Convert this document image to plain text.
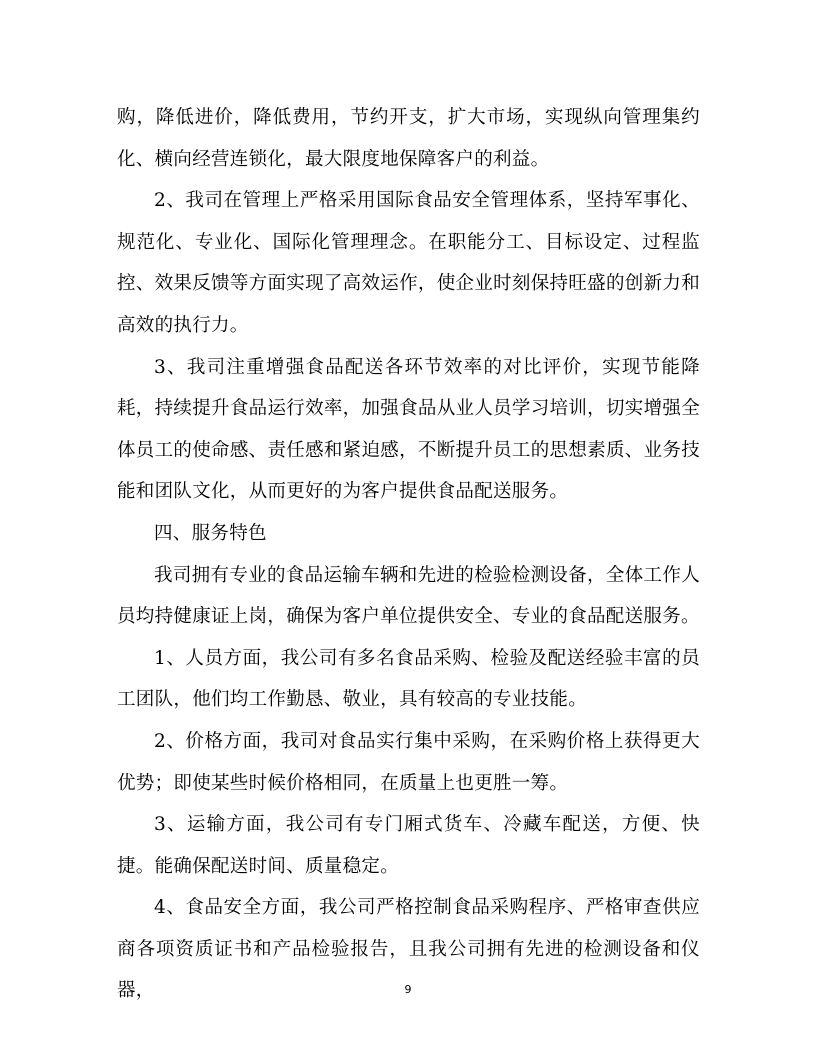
购，降低进价，降低费用，节约开支，扩大市场，实现纵向管理集约化、横向经营连锁化，最大限度地保障客户的利益。

2、我司在管理上严格采用国际食品安全管理体系，坚持军事化、规范化、专业化、国际化管理理念。在职能分工、目标设定、过程监控、效果反馈等方面实现了高效运作，使企业时刻保持旺盛的创新力和高效的执行力。

3、我司注重增强食品配送各环节效率的对比评价，实现节能降耗，持续提升食品运行效率，加强食品从业人员学习培训，切实增强全体员工的使命感、责任感和紧迫感，不断提升员工的思想素质、业务技能和团队文化，从而更好的为客户提供食品配送服务。

四、服务特色

我司拥有专业的食品运输车辆和先进的检验检测设备，全体工作人员均持健康证上岗，确保为客户单位提供安全、专业的食品配送服务。

1、人员方面，我公司有多名食品采购、检验及配送经验丰富的员工团队，他们均工作勤恳、敬业，具有较高的专业技能。

2、价格方面，我司对食品实行集中采购，在采购价格上获得更大优势；即使某些时候价格相同，在质量上也更胜一筹。

3、运输方面，我公司有专门厢式货车、冷藏车配送，方便、快捷。能确保配送时间、质量稳定。

4、食品安全方面，我公司严格控制食品采购程序、严格审查供应商各项资质证书和产品检验报告，且我公司拥有先进的检测设备和仪器，	9
